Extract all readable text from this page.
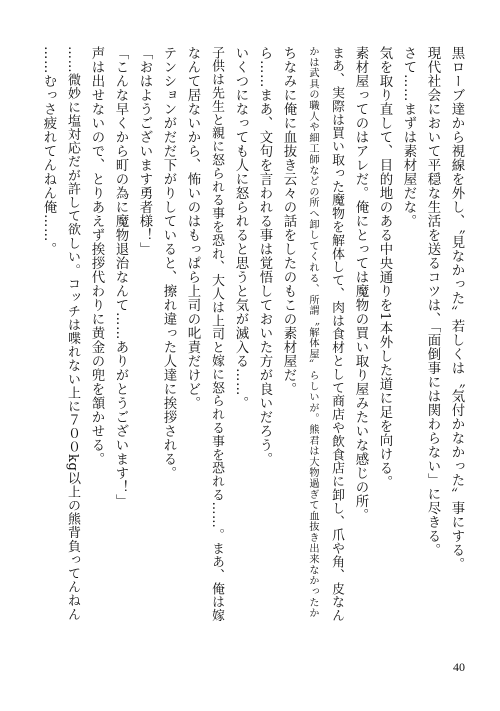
黒ローブ達から視線を外し、〝見なかった〟若しくは〝気付かなかった〟事にする。
現代社会において平穏な生活を送るコツは、「面倒事には関わらない」に尽きる。
さて……まずは素材屋だな。
気を取り直して、目的地のある中央通りを1本外した道に足を向ける。
素材屋ってのはアレだ。俺にとっては魔物の買い取り屋みたいな感じの所。
まあ、実際は買い取った魔物を解体して、肉は食材として商店や飲食店に卸し、爪や角、皮なん
かは武具の職人や細工師などの所へ卸してくれる、所謂〝解体屋〟らしいが。熊君は大物過ぎて血抜き出来なかったか
ちなみに俺に血抜き云々の話をしたのもこの素材屋だ。
ら……まあ、文句を言われる事は覚悟しておいた方が良いだろう。
いくつになっても人に怒られると思うと気が滅入る……。
子供は先生と親に怒られる事を恐れ、大人は上司と嫁に怒られる事を恐れる……。まあ、俺は嫁
なんて居ないから、怖いのはもっぱら上司の叱責だけど。
テンションがだだ下がりしていると、擦れ違った人達に挨拶される。
「おはようございます勇者様！」
「こんな早くから町の為に魔物退治なんて……ありがとうございます！」
声は出せないので、とりあえず挨拶代わりに黄金の兜を頷かせる。
……微妙に塩対応だが許して欲しい。コッチは喋れない上に７００kg以上の熊背負ってんねん
……むっさ疲れてんねん俺……。
40
